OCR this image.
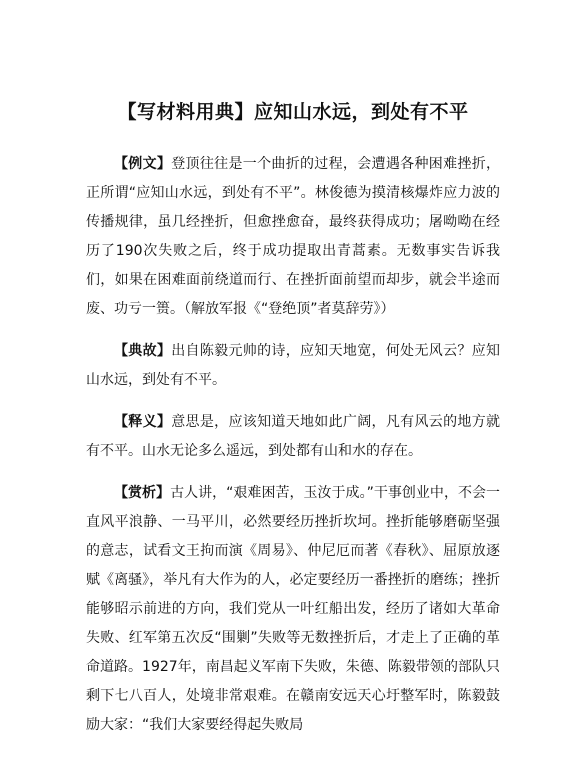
【写材料用典】应知山水远，到处有不平

【例文】登顶往往是一个曲折的过程，会遭遇各种困难挫折，正所谓“应知山水远，到处有不平”。林俊德为摸清核爆炸应力波的传播规律，虽几经挫折，但愈挫愈奋，最终获得成功；屠呦呦在经历了190次失败之后，终于成功提取出青蒿素。无数事实告诉我们，如果在困难面前绕道而行、在挫折面前望而却步，就会半途而废、功亏一篑。（解放军报《“登绝顶”者莫辞劳》）

【典故】出自陈毅元帅的诗，应知天地宽，何处无风云？应知山水远，到处有不平。

【释义】意思是，应该知道天地如此广阔，凡有风云的地方就有不平。山水无论多么遥远，到处都有山和水的存在。

【赏析】古人讲，“艰难困苦，玉汝于成。”干事创业中，不会一直风平浪静、一马平川，必然要经历挫折坎坷。挫折能够磨砺坚强的意志，试看文王拘而演《周易》、仲尼厄而著《春秋》、屈原放逐赋《离骚》，举凡有大作为的人，必定要经历一番挫折的磨练；挫折能够昭示前进的方向，我们党从一叶红船出发，经历了诸如大革命失败、红军第五次反“围剿”失败等无数挫折后，才走上了正确的革命道路。1927年，南昌起义军南下失败，朱德、陈毅带领的部队只剩下七八百人，处境非常艰难。在赣南安远天心圩整军时，陈毅鼓励大家：“我们大家要经得起失败局
